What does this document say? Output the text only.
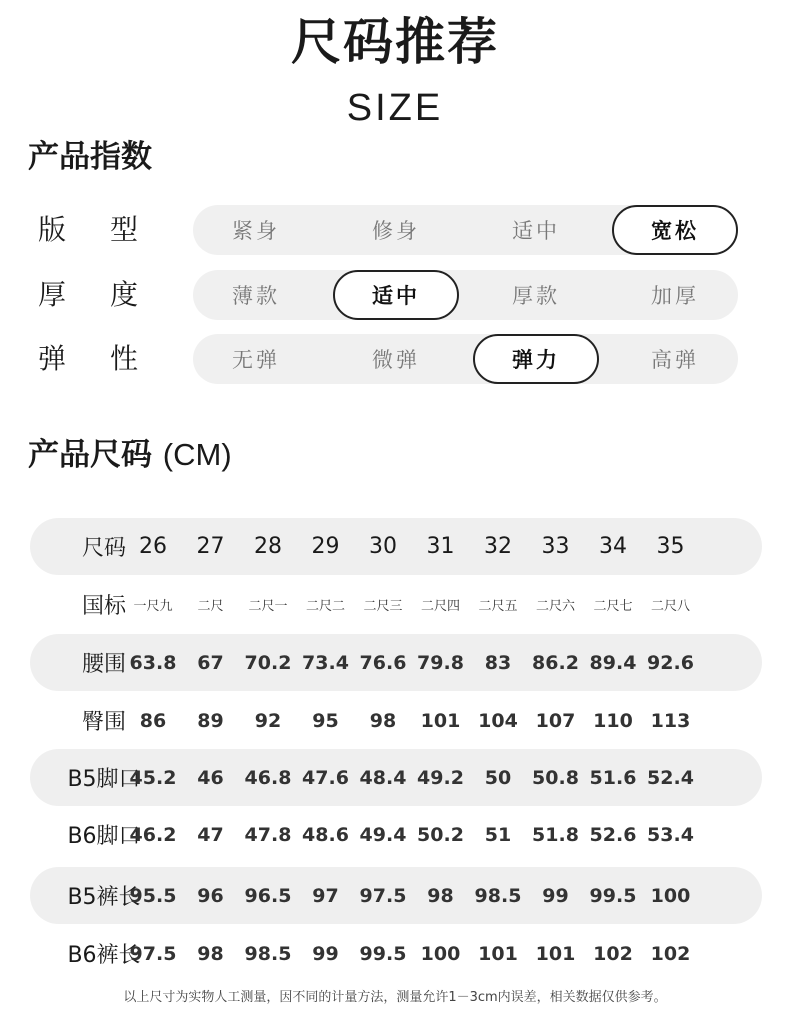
尺码推荐
SIZE
产品指数
版 型	紧身	修身	适中	宽松
厚 度	薄款	适中	厚款	加厚
弹 性	无弹	微弹	弹力	高弹
产品尺码 (CM)
尺码 26	27	28	29	30	31	32	33	34	35
国标 一尺九	二尺	二尺一	二尺二	二尺三	二尺四	二尺五	二尺六	二尺七	二尺八
腰围 63.8	67	70.2 73.4 76.6 79.8	83	86.2 89.4 92.6
臀围 86	89	92	95	98	101 104 107 110 113
B5脚口
45.2	46	46.8 47.6 48.4 49.2	50	50.8 51.6 52.4
B6脚口
46.2	47	47.8 48.6 49.4 50.2	51	51.8 52.6 53.4
B5裤长
95.5	96	96.5	97	97.5	98	98.5	99	99.5 100
B6裤长
97.5	98	98.5	99	99.5 100 101 101 102 102
以上尺寸为实物人工测量，因不同的计量方法，测量允许1－3cm内误差，相关数据仅供参考。
